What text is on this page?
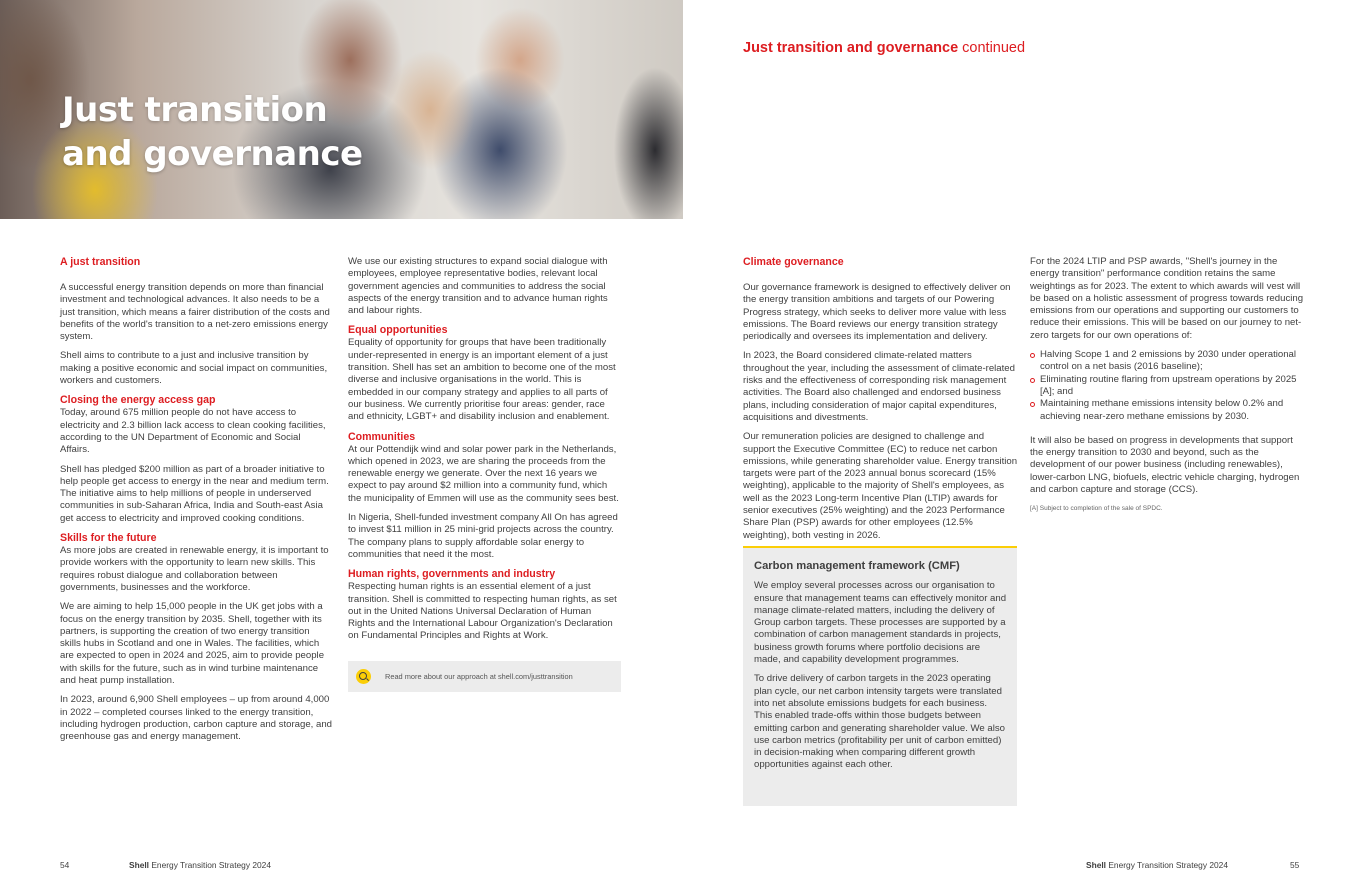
Just transition
and governance
Just transition and governance continued
A just transition

A successful energy transition depends on more than financial investment and technological advances. It also needs to be a just transition, which means a fairer distribution of the costs and benefits of the world's transition to a net-zero emissions energy system.

Shell aims to contribute to a just and inclusive transition by making a positive economic and social impact on communities, workers and customers.

Closing the energy access gap

Today, around 675 million people do not have access to electricity and 2.3 billion lack access to clean cooking facilities, according to the UN Department of Economic and Social Affairs.

Shell has pledged $200 million as part of a broader initiative to help people get access to energy in the near and medium term. The initiative aims to help millions of people in underserved communities in sub-Saharan Africa, India and South-east Asia get access to electricity and improved cooking conditions.

Skills for the future

As more jobs are created in renewable energy, it is important to provide workers with the opportunity to learn new skills. This requires robust dialogue and collaboration between governments, businesses and the workforce.

We are aiming to help 15,000 people in the UK get jobs with a focus on the energy transition by 2035. Shell, together with its partners, is supporting the creation of two energy transition skills hubs in Scotland and one in Wales. The facilities, which are expected to open in 2024 and 2025, aim to provide people with skills for the future, such as in wind turbine maintenance and heat pump installation.

In 2023, around 6,900 Shell employees – up from around 4,000 in 2022 – completed courses linked to the energy transition, including hydrogen production, carbon capture and storage, and greenhouse gas and energy management.

We use our existing structures to expand social dialogue with employees, employee representative bodies, relevant local government agencies and communities to address the social aspects of the energy transition and to advance human rights and labour rights.

Equal opportunities

Equality of opportunity for groups that have been traditionally under-represented in energy is an important element of a just transition. Shell has set an ambition to become one of the most diverse and inclusive organisations in the world. This is embedded in our company strategy and applies to all parts of our business. We currently prioritise four areas: gender, race and ethnicity, LGBT+ and disability inclusion and enablement.

Communities

At our Pottendijk wind and solar power park in the Netherlands, which opened in 2023, we are sharing the proceeds from the renewable energy we generate. Over the next 16 years we expect to pay around $2 million into a community fund, which the municipality of Emmen will use as the community sees best.

In Nigeria, Shell-funded investment company All On has agreed to invest $11 million in 25 mini-grid projects across the country. The company plans to supply affordable solar energy to communities that need it the most.

Human rights, governments and industry

Respecting human rights is an essential element of a just transition. Shell is committed to respecting human rights, as set out in the United Nations Universal Declaration of Human Rights and the International Labour Organization's Declaration on Fundamental Principles and Rights at Work.

Read more about our approach at shell.com/justtransition
Climate governance

Our governance framework is designed to effectively deliver on the energy transition ambitions and targets of our Powering Progress strategy, which seeks to deliver more value with less emissions. The Board reviews our energy transition strategy periodically and oversees its implementation and delivery.

In 2023, the Board considered climate-related matters throughout the year, including the assessment of climate-related risks and the effectiveness of corresponding risk management activities. The Board also challenged and endorsed business plans, including consideration of major capital expenditures, acquisitions and divestments.

Our remuneration policies are designed to challenge and support the Executive Committee (EC) to reduce net carbon emissions, while generating shareholder value. Energy transition targets were part of the 2023 annual bonus scorecard (15% weighting), applicable to the majority of Shell's employees, as well as the 2023 Long-term Incentive Plan (LTIP) awards for senior executives (25% weighting) and the 2023 Performance Share Plan (PSP) awards for other employees (12.5% weighting), both vesting in 2026.

Carbon management framework (CMF)

We employ several processes across our organisation to ensure that management teams can effectively monitor and manage climate-related matters, including the delivery of Group carbon targets. These processes are supported by a combination of carbon management standards in projects, business growth forums where portfolio decisions are made, and capability development programmes.

To drive delivery of carbon targets in the 2023 operating plan cycle, our net carbon intensity targets were translated into net absolute emissions budgets for each business. This enabled trade-offs within those budgets between emitting carbon and generating shareholder value. We also use carbon metrics (profitability per unit of carbon emitted) in decision-making when comparing different growth opportunities against each other.

For the 2024 LTIP and PSP awards, "Shell's journey in the energy transition" performance condition retains the same weightings as for 2023. The extent to which awards will vest will be based on a holistic assessment of progress towards reducing emissions from our operations and supporting our customers to reduce their emissions. This will be based on our journey to net-zero targets for our own operations of:

Halving Scope 1 and 2 emissions by 2030 under operational control on a net basis (2016 baseline);
Eliminating routine flaring from upstream operations by 2025 [A]; and
Maintaining methane emissions intensity below 0.2% and achieving near-zero methane emissions by 2030.

It will also be based on progress in developments that support the energy transition to 2030 and beyond, such as the development of our power business (including renewables), lower-carbon LNG, biofuels, electric vehicle charging, hydrogen and carbon capture and storage (CCS).

[A] Subject to completion of the sale of SPDC.
54	Shell Energy Transition Strategy 2024	Shell Energy Transition Strategy 2024	55
